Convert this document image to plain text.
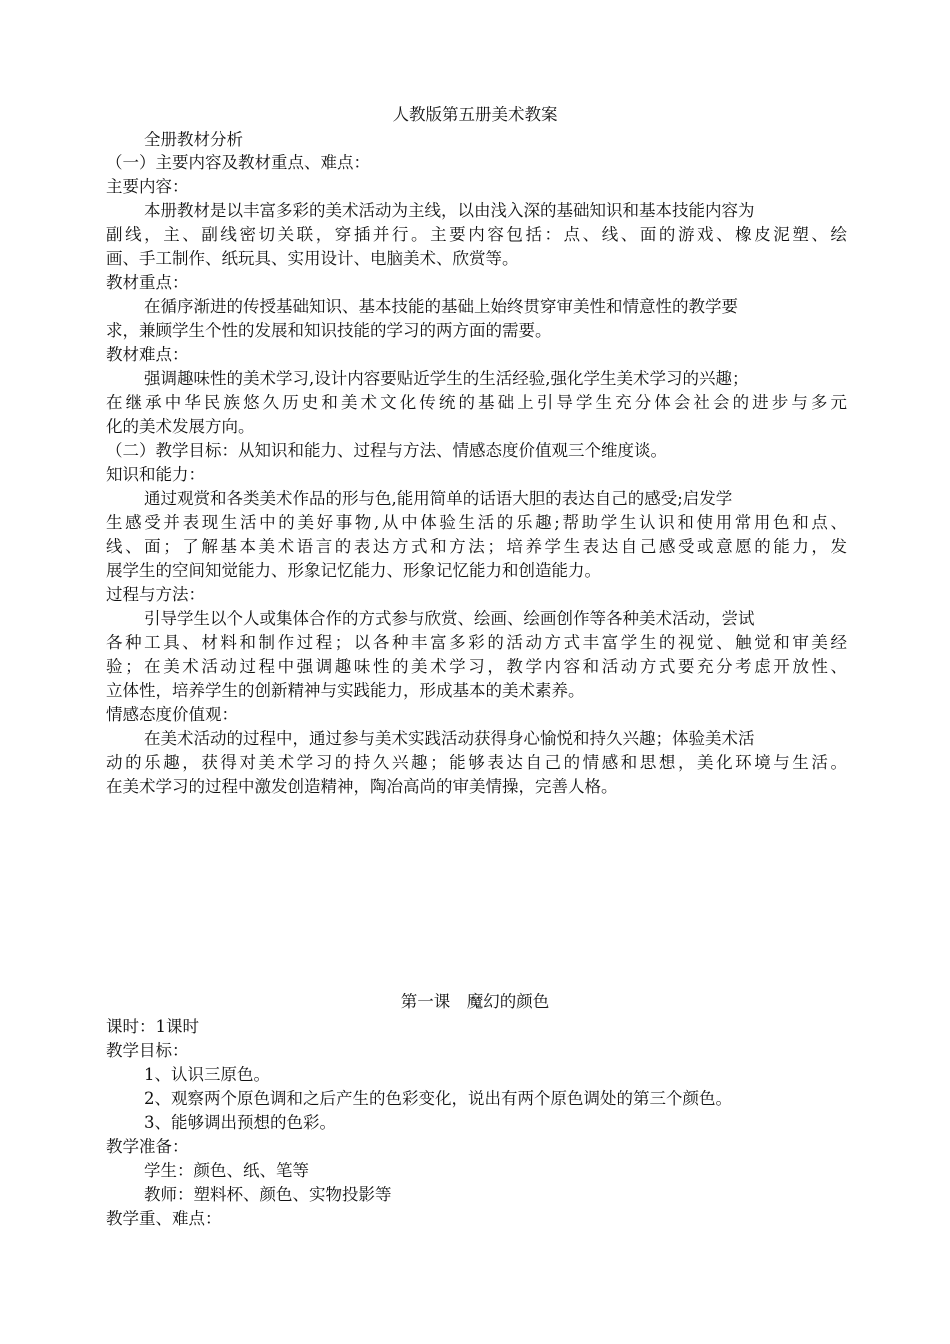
人教版第五册美术教案
全册教材分析
（一）主要内容及教材重点、难点：
主要内容：
本册教材是以丰富多彩的美术活动为主线，以由浅入深的基础知识和基本技能内容为
副线，主、副线密切关联，穿插并行。主要内容包括：点、线、面的游戏、橡皮泥塑、绘
画、手工制作、纸玩具、实用设计、电脑美术、欣赏等。
教材重点：
在循序渐进的传授基础知识、基本技能的基础上始终贯穿审美性和情意性的教学要
求，兼顾学生个性的发展和知识技能的学习的两方面的需要。
教材难点：
强调趣味性的美术学习,设计内容要贴近学生的生活经验,强化学生美术学习的兴趣；
在继承中华民族悠久历史和美术文化传统的基础上引导学生充分体会社会的进步与多元
化的美术发展方向。
（二）教学目标：从知识和能力、过程与方法、情感态度价值观三个维度谈。
知识和能力：
通过观赏和各类美术作品的形与色,能用简单的话语大胆的表达自己的感受;启发学
生感受并表现生活中的美好事物,从中体验生活的乐趣;帮助学生认识和使用常用色和点、
线、面；了解基本美术语言的表达方式和方法；培养学生表达自己感受或意愿的能力，发
展学生的空间知觉能力、形象记忆能力、形象记忆能力和创造能力。
过程与方法：
引导学生以个人或集体合作的方式参与欣赏、绘画、绘画创作等各种美术活动，尝试
各种工具、材料和制作过程；以各种丰富多彩的活动方式丰富学生的视觉、触觉和审美经
验；在美术活动过程中强调趣味性的美术学习，教学内容和活动方式要充分考虑开放性、
立体性，培养学生的创新精神与实践能力，形成基本的美术素养。
情感态度价值观：
在美术活动的过程中，通过参与美术实践活动获得身心愉悦和持久兴趣；体验美术活
动的乐趣，获得对美术学习的持久兴趣；能够表达自己的情感和思想，美化环境与生活。
在美术学习的过程中激发创造精神，陶冶高尚的审美情操，完善人格。
第一课　魔幻的颜色
课时：1课时
教学目标：
1、认识三原色。
2、观察两个原色调和之后产生的色彩变化，说出有两个原色调处的第三个颜色。
3、能够调出预想的色彩。
教学准备：
学生：颜色、纸、笔等
教师：塑料杯、颜色、实物投影等
教学重、难点：
